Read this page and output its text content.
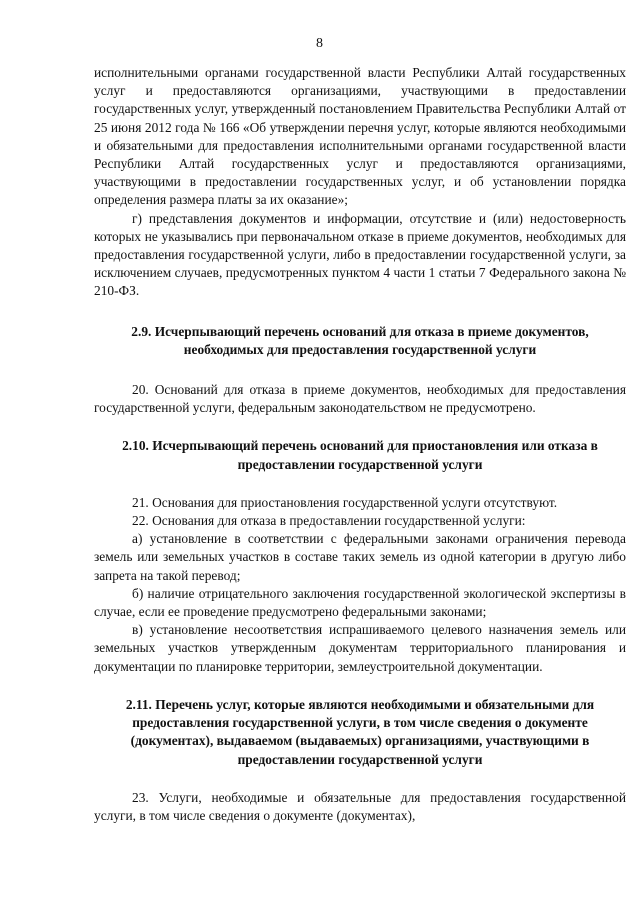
8

исполнительными органами государственной власти Республики Алтай государственных услуг и предоставляются организациями, участвующими в предоставлении государственных услуг, утвержденный постановлением Правительства Республики Алтай от 25 июня 2012 года № 166 «Об утверждении перечня услуг, которые являются необходимыми и обязательными для предоставления исполнительными органами государственной власти Республики Алтай государственных услуг и предоставляются организациями, участвующими в предоставлении государственных услуг, и об установлении порядка определения размера платы за их оказание»;

г) представления документов и информации, отсутствие и (или) недостоверность которых не указывались при первоначальном отказе в приеме документов, необходимых для предоставления государственной услуги, либо в предоставлении государственной услуги, за исключением случаев, предусмотренных пунктом 4 части 1 статьи 7 Федерального закона № 210-ФЗ.

2.9. Исчерпывающий перечень оснований для отказа в приеме документов, необходимых для предоставления государственной услуги

20. Оснований для отказа в приеме документов, необходимых для предоставления государственной услуги, федеральным законодательством не предусмотрено.

2.10. Исчерпывающий перечень оснований для приостановления или отказа в предоставлении государственной услуги

21. Основания для приостановления государственной услуги отсутствуют.

22. Основания для отказа в предоставлении государственной услуги:

а) установление в соответствии с федеральными законами ограничения перевода земель или земельных участков в составе таких земель из одной категории в другую либо запрета на такой перевод;

б) наличие отрицательного заключения государственной экологической экспертизы в случае, если ее проведение предусмотрено федеральными законами;

в) установление несоответствия испрашиваемого целевого назначения земель или земельных участков утвержденным документам территориального планирования и документации по планировке территории, землеустроительной документации.

2.11. Перечень услуг, которые являются необходимыми и обязательными для предоставления государственной услуги, в том числе сведения о документе (документах), выдаваемом (выдаваемых) организациями, участвующими в предоставлении государственной услуги

23. Услуги, необходимые и обязательные для предоставления государственной услуги, в том числе сведения о документе (документах),
